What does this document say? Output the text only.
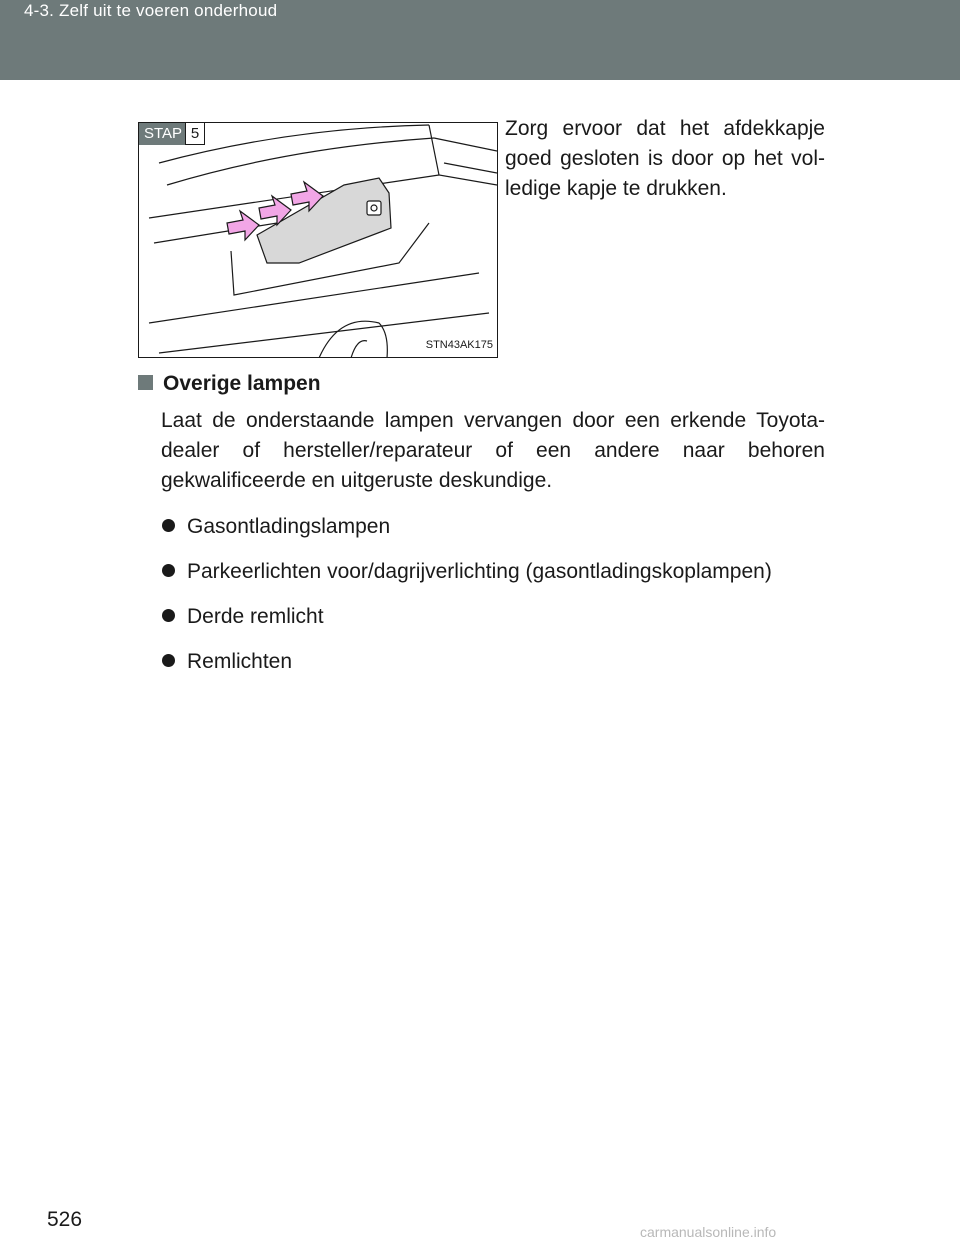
4-3. Zelf uit te voeren onderhoud
STAP 5
STN43AK175
Zorg ervoor dat het afdekkapje goed gesloten is door op het vol-ledige kapje te drukken.
Overige lampen
Laat de onderstaande lampen vervangen door een erkende Toyota-dealer of hersteller/reparateur of een andere naar behoren gekwalificeerde en uitgeruste deskundige.
Gasontladingslampen
Parkeerlichten voor/dagrijverlichting (gasontladingskoplampen)
Derde remlicht
Remlichten
526
carmanualsonline.info
